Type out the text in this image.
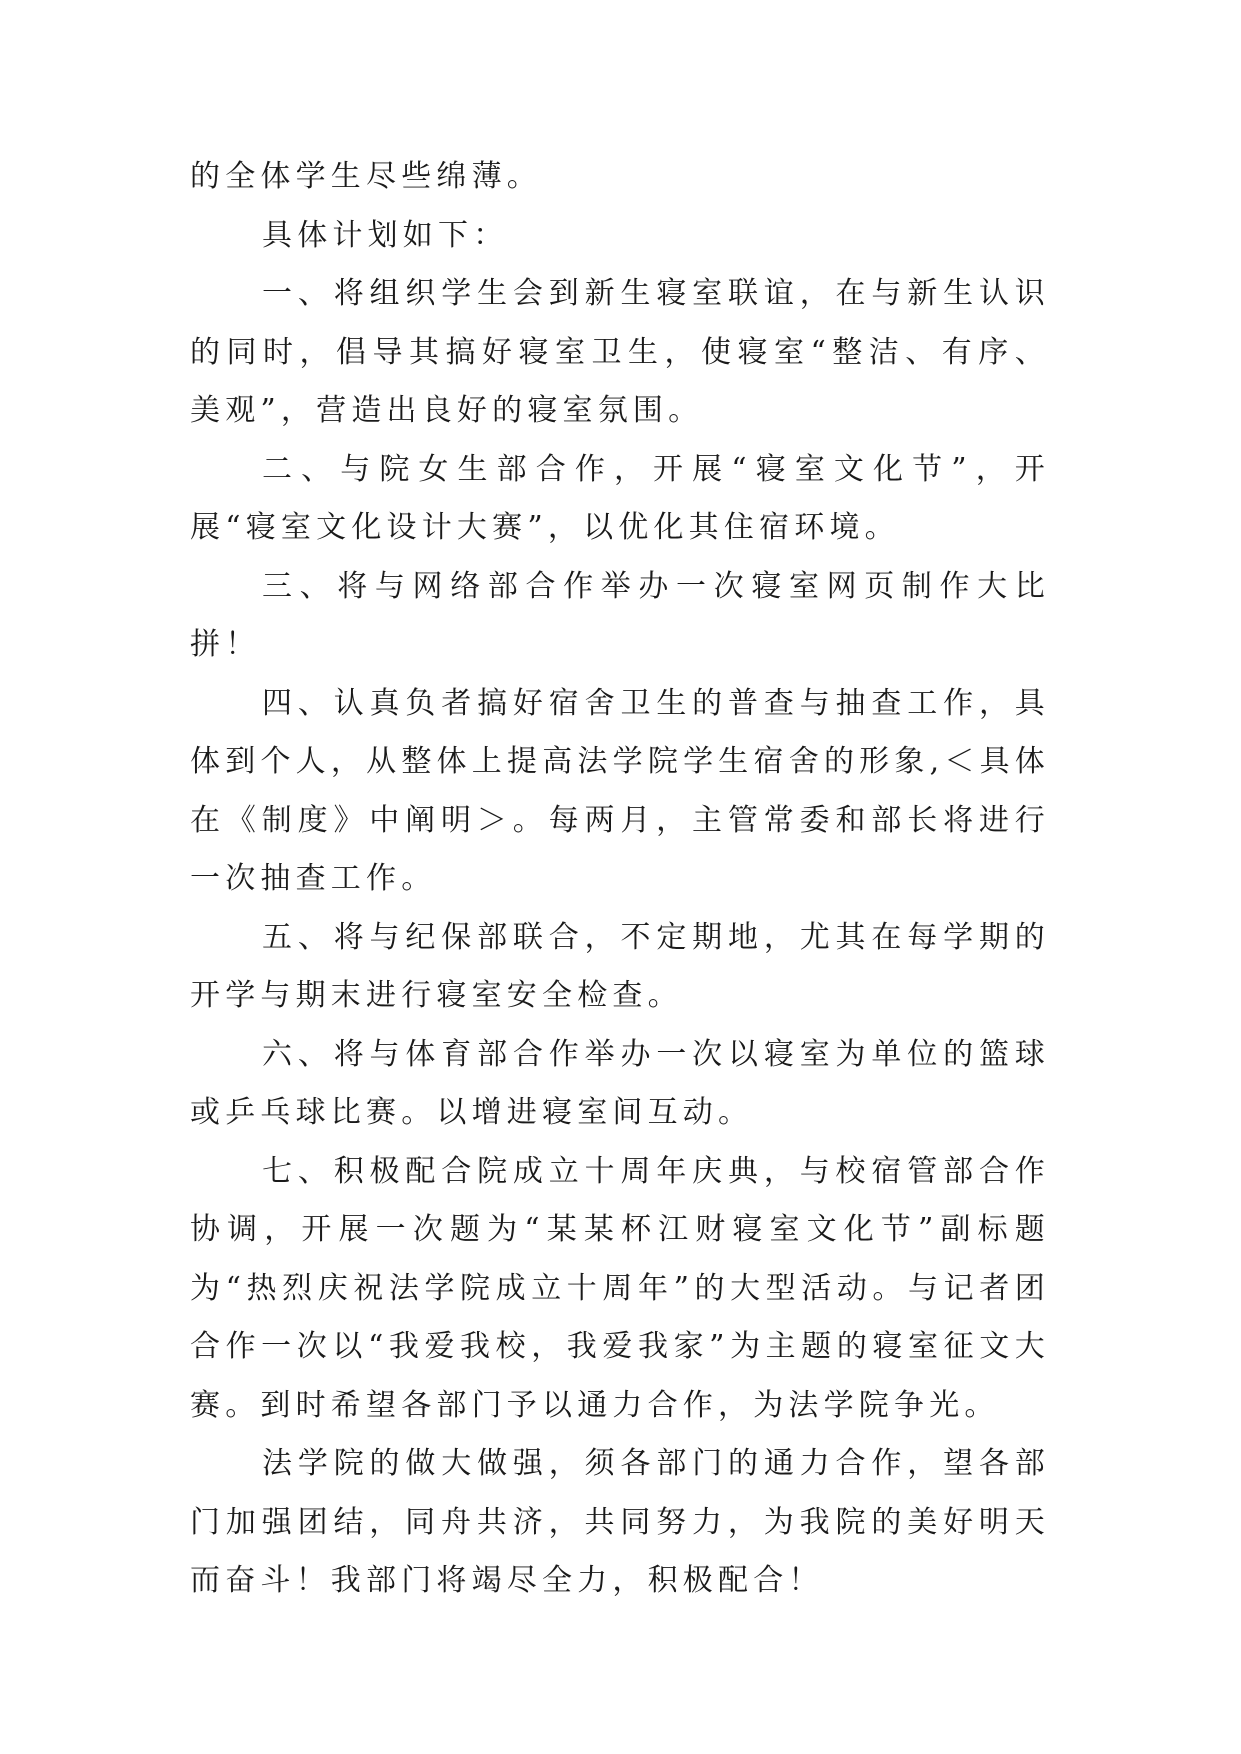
的全体学生尽些绵薄。

具体计划如下：

一、将组织学生会到新生寝室联谊，在与新生认识的同时，倡导其搞好寝室卫生，使寝室“整洁、有序、美观”，营造出良好的寝室氛围。

二、与院女生部合作，开展“寝室文化节”，开展“寝室文化设计大赛”，以优化其住宿环境。

三、将与网络部合作举办一次寝室网页制作大比拼！

四、认真负者搞好宿舍卫生的普查与抽查工作，具体到个人，从整体上提高法学院学生宿舍的形象,＜具体在《制度》中阐明＞。每两月，主管常委和部长将进行一次抽查工作。

五、将与纪保部联合，不定期地，尤其在每学期的开学与期末进行寝室安全检查。

六、将与体育部合作举办一次以寝室为单位的篮球或乒乓球比赛。以增进寝室间互动。

七、积极配合院成立十周年庆典，与校宿管部合作协调，开展一次题为“某某杯江财寝室文化节”副标题为“热烈庆祝法学院成立十周年”的大型活动。与记者团合作一次以“我爱我校，我爱我家”为主题的寝室征文大赛。到时希望各部门予以通力合作，为法学院争光。

法学院的做大做强，须各部门的通力合作，望各部门加强团结，同舟共济，共同努力，为我院的美好明天而奋斗！我部门将竭尽全力，积极配合！
